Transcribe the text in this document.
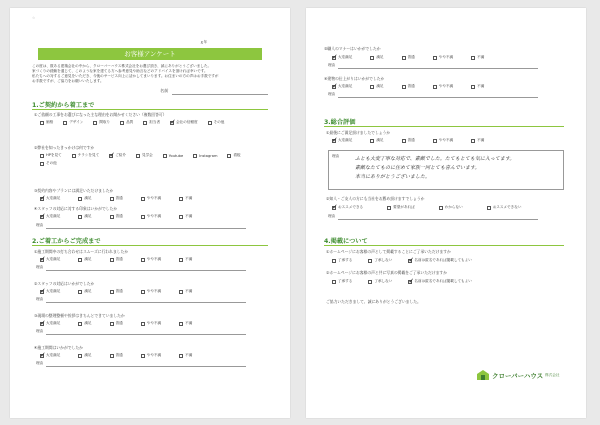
☆
ｇ年
お客様アンケート
この度は、数ある建築会社の中から、クローバーハウス株式会社をお選び頂き、誠にありがとうございました。
家づくりの経験を通じて、このような家を建てる方へ参考意見や助言などのアドバイスを頂ければ幸いです。
私たちへの対するご意見をいただき、今後のサービス向上に活かしてまいります。お住まいの方の声はお手数ですが
お手数ですが、ご協力をお願いいたします。
名前
1.ご契約から着工まで
①ご依頼の工事をお選びになった主な理由をお聞かせください（複数回答可）
価格	デザイン	間取り	品質	担当者 ✓	会社の信頼度	その他
②弊社を知ったきっかけは何ですか
HPを見て	チラシを見て ✓	ご紹介	見学会	Youtube	Instagram	看板
その他
③契約内容やプランには満足いただけましたか
✓
大変満足	満足	普通	やや不満	不満
④スタッフの対応に対する印象はいかがでしたか
✓
大変満足	満足	普通	やや不満	不満
理由
2.ご着工からご完成まで
①施工期間中の打ち合わせはスムーズに行われましたか
✓
大変満足	満足	普通	やや不満	不満
理由
②スタッフの対応はいかがでしたか
✓
大変満足	満足	普通	やや不満	不満
理由
③現場の整理整頓や挨拶はきちんとできていましたか
✓
大変満足	満足	普通	やや不満	不満
理由
④施工期間はいかがでしたか
✓
大変満足	満足	普通	やや不満	不満
理由
⑤職人のマナーはいかがでしたか
✓
大変満足	満足	普通	やや不満	不満
理由
⑥建物の仕上がりはいかがでしたか
✓
大変満足	満足	普通	やや不満	不満
理由
3.総合評価
①最後にご満足頂けましたでしょうか
✓
大変満足	満足	普通	やや不満	不満
理由	ふとも大変丁寧な対応で、素敵でした。たてもとても気に入ってます。
素敵なたてものに住めて家族一同とても喜んでいます。
本当にありがとうございました。
②知人・ご友人の方にも当社をお薦め頂けますでしょうか
✓
おススメできる	要望があれば	わからない	おススメできない
理由
4.掲載について
①ホームページにお客様の声として掲載することにご了承いただけますか
了承する	了承しない ✓	名前は匿名であれば掲載してもよい
②ホームページにお客様の声と共に写真の掲載をご了承いただけますか
了承する	了承しない ✓	名前は匿名であれば掲載してもよい
ご協力いただきまして、誠にありがとうございました。
クローバーハウス 株式会社
